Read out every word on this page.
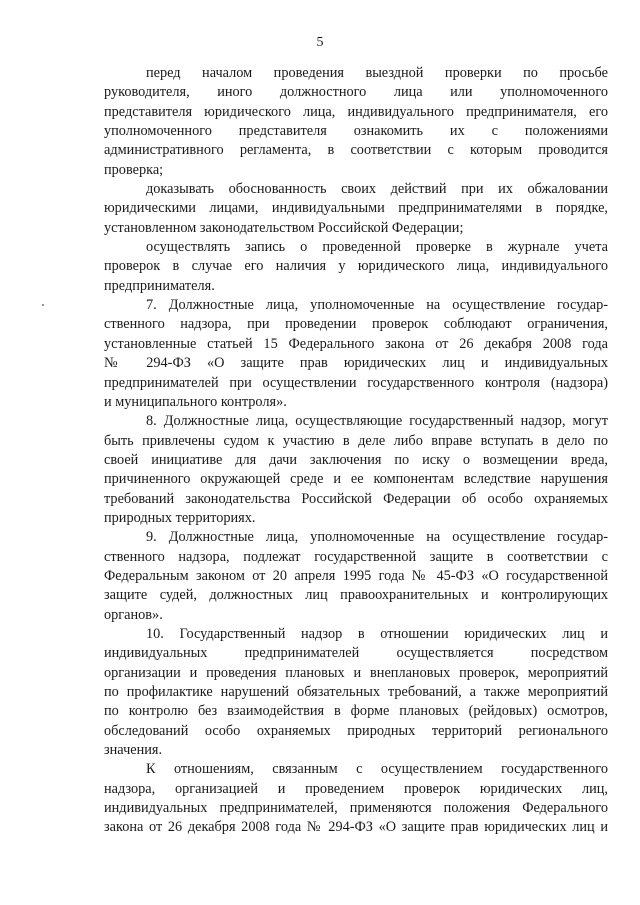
5
перед началом проведения выездной проверки по просьбе
руководителя, иного должностного лица или уполномоченного
представителя юридического лица, индивидуального предпринимателя, его
уполномоченного представителя ознакомить их с положениями
административного регламента, в соответствии с которым проводится
проверка;
доказывать обоснованность своих действий при их обжаловании
юридическими лицами, индивидуальными предпринимателями в порядке,
установленном законодательством Российской Федерации;
осуществлять запись о проведенной проверке в журнале учета
проверок в случае его наличия у юридического лица, индивидуального
предпринимателя.
7. Должностные лица, уполномоченные на осуществление государ-
ственного надзора, при проведении проверок соблюдают ограничения,
установленные статьей 15 Федерального закона от 26 декабря 2008 года
№ 294-ФЗ «О защите прав юридических лиц и индивидуальных
предпринимателей при осуществлении государственного контроля (надзора)
и муниципального контроля».
8. Должностные лица, осуществляющие государственный надзор, могут
быть привлечены судом к участию в деле либо вправе вступать в дело по
своей инициативе для дачи заключения по иску о возмещении вреда,
причиненного окружающей среде и ее компонентам вследствие нарушения
требований законодательства Российской Федерации об особо охраняемых
природных территориях.
9. Должностные лица, уполномоченные на осуществление государ-
ственного надзора, подлежат государственной защите в соответствии с
Федеральным законом от 20 апреля 1995 года № 45-ФЗ «О государственной
защите судей, должностных лиц правоохранительных и контролирующих
органов».
10. Государственный надзор в отношении юридических лиц и
индивидуальных предпринимателей осуществляется посредством
организации и проведения плановых и внеплановых проверок, мероприятий
по профилактике нарушений обязательных требований, а также мероприятий
по контролю без взаимодействия в форме плановых (рейдовых) осмотров,
обследований особо охраняемых природных территорий регионального
значения.
К отношениям, связанным с осуществлением государственного
надзора, организацией и проведением проверок юридических лиц,
индивидуальных предпринимателей, применяются положения Федерального
закона от 26 декабря 2008 года № 294-ФЗ «О защите прав юридических лиц и
